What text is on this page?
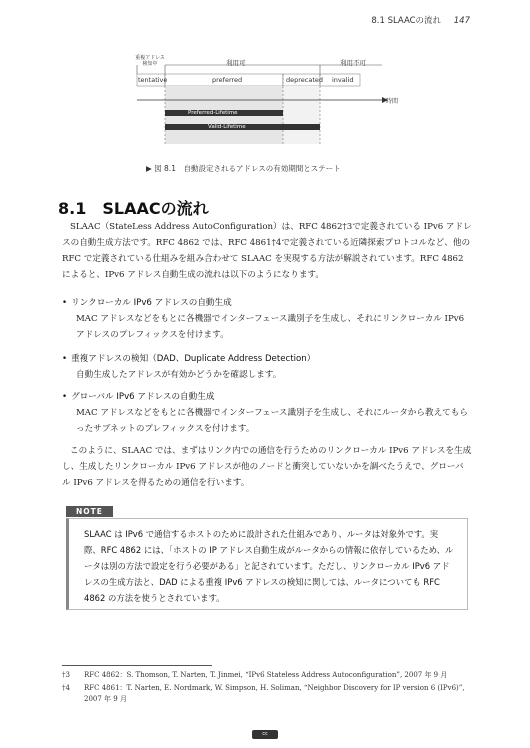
8.1 SLAACの流れ 147
重複アドレス
検知中	利用可	利用不可
tentative	preferred	deprecated invalid
時間
Preferred-Lifetime
Valid-Lifetime
▶ 図 8.1　自動設定されるアドレスの有効期間とステート
8.1　SLAACの流れ
SLAAC（StateLess Address AutoConfiguration）は、RFC 4862†3で定義されている IPv6 アドレスの自動生成方法です。RFC 4862 では、RFC 4861†4で定義されている近隣探索プロトコルなど、他の RFC で定義されている仕組みを組み合わせて SLAAC を実現する方法が解説されています。RFC 4862 によると、IPv6 アドレス自動生成の流れは以下のようになります。
• リンクローカル IPv6 アドレスの自動生成
MAC アドレスなどをもとに各機器でインターフェース識別子を生成し、それにリンクローカル IPv6 アドレスのプレフィックスを付けます。
• 重複アドレスの検知（DAD、Duplicate Address Detection）
自動生成したアドレスが有効かどうかを確認します。
• グローバル IPv6 アドレスの自動生成
MAC アドレスなどをもとに各機器でインターフェース識別子を生成し、それにルータから教えてもらったサブネットのプレフィックスを付けます。
このように、SLAAC では、まずはリンク内での通信を行うためのリンクローカル IPv6 アドレスを生成し、生成したリンクローカル IPv6 アドレスが他のノードと衝突していないかを調べたうえで、グローバル IPv6 アドレスを得るための通信を行います。
NOTE
SLAAC は IPv6 で通信するホストのために設計された仕組みであり、ルータは対象外です。実際、RFC 4862 には、「ホストの IP アドレス自動生成がルータからの情報に依存しているため、ルータは別の方法で設定を行う必要がある」と記されています。ただし、リンクローカル IPv6 アドレスの生成方法と、DAD による重複 IPv6 アドレスの検知に関しては、ルータについても RFC 4862 の方法を使うとされています。
†3 RFC 4862：S. Thomson, T. Narten, T. Jinmei, “IPv6 Stateless Address Autoconfiguration”, 2007 年 9 月
†4 RFC 4861：T. Narten, E. Nordmark, W. Simpson, H. Soliman, “Neighbor Discovery for IP version 6 (IPv6)”, 2007 年 9 月
cc
